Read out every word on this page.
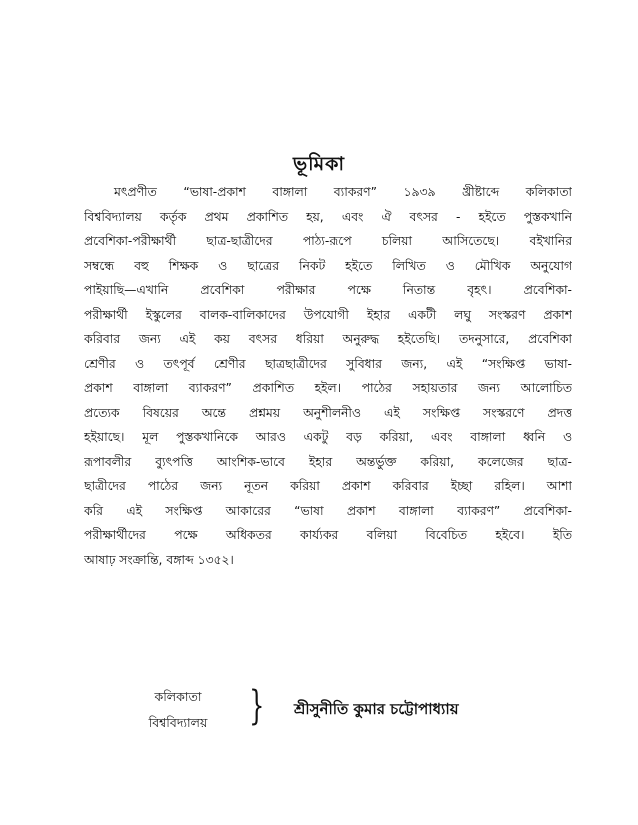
ভূমিকা
মৎপ্রণীত “ভাষা-প্রকাশ বাঙ্গালা ব্যাকরণ” ১৯৩৯ খ্রীষ্টাব্দে কলিকাতা
বিশ্ববিদ্যালয় কর্তৃক প্রথম প্রকাশিত হয়, এবং ঐ বৎসর - হইতে পুস্তকখানি
প্রবেশিকা-পরীক্ষার্থী ছাত্র-ছাত্রীদের পাঠ্য-রূপে চলিয়া আসিতেছে। বইখানির
সম্বন্ধে বহু শিক্ষক ও ছাত্রের নিকট হইতে লিখিত ও মৌখিক অনুযোগ
পাইয়াছি—এখানি প্রবেশিকা পরীক্ষার পক্ষে নিতান্ত বৃহৎ। প্রবেশিকা-
পরীক্ষার্থী ইস্কুলের বালক-বালিকাদের উপযোগী ইহার একটী লঘু সংস্করণ প্রকাশ
করিবার জন্য এই কয় বৎসর ধরিয়া অনুরুদ্ধ হইতেছি। তদনুসারে, প্রবেশিকা
শ্রেণীর ও তৎপূর্ব শ্রেণীর ছাত্রছাত্রীদের সুবিধার জন্য, এই “সংক্ষিপ্ত ভাষা-
প্রকাশ বাঙ্গালা ব্যাকরণ” প্রকাশিত হইল। পাঠের সহায়তার জন্য আলোচিত
প্রত্যেক বিষয়ের অন্তে প্রশ্নময় অনুশীলনীও এই সংক্ষিপ্ত সংস্করণে প্রদত্ত
হইয়াছে। মূল পুস্তকখানিকে আরও একটু বড় করিয়া, এবং বাঙ্গালা ধ্বনি ও
রূপাবলীর ব্যুৎপত্তি আংশিক-ভাবে ইহার অন্তর্ভুক্ত করিয়া, কলেজের ছাত্র-
ছাত্রীদের পাঠের জন্য নূতন করিয়া প্রকাশ করিবার ইচ্ছা রহিল। আশা
করি এই সংক্ষিপ্ত আকারের “ভাষা প্রকাশ বাঙ্গালা ব্যাকরণ” প্রবেশিকা-
পরীক্ষার্থীদের পক্ষে অধিকতর কার্য্যকর বলিয়া বিবেচিত হইবে। ইতি
আষাঢ় সংক্রান্তি, বঙ্গাব্দ ১৩৫২।
কলিকাতা
বিশ্ববিদ্যালয় } শ্রীসুনীতি কুমার চট্টোপাধ্যায়
